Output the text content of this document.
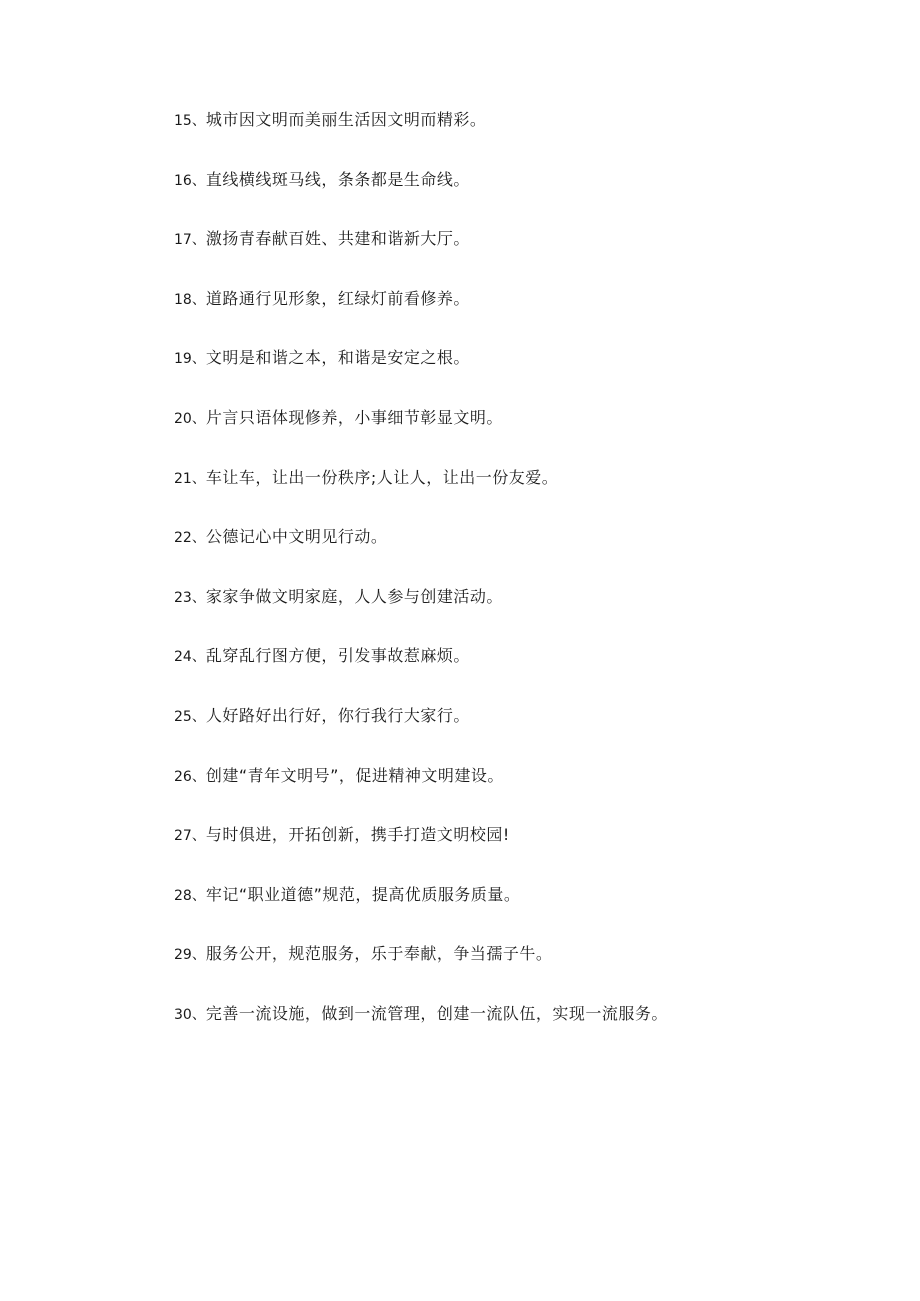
15、城市因文明而美丽生活因文明而精彩。
16、直线横线斑马线，条条都是生命线。
17、激扬青春献百姓、共建和谐新大厅。
18、道路通行见形象，红绿灯前看修养。
19、文明是和谐之本，和谐是安定之根。
20、片言只语体现修养，小事细节彰显文明。
21、车让车，让出一份秩序;人让人，让出一份友爱。
22、公德记心中文明见行动。
23、家家争做文明家庭，人人参与创建活动。
24、乱穿乱行图方便，引发事故惹麻烦。
25、人好路好出行好，你行我行大家行。
26、创建“青年文明号”，促进精神文明建设。
27、与时俱进，开拓创新，携手打造文明校园!
28、牢记“职业道德”规范，提高优质服务质量。
29、服务公开，规范服务，乐于奉献，争当孺子牛。
30、完善一流设施，做到一流管理，创建一流队伍，实现一流服务。
